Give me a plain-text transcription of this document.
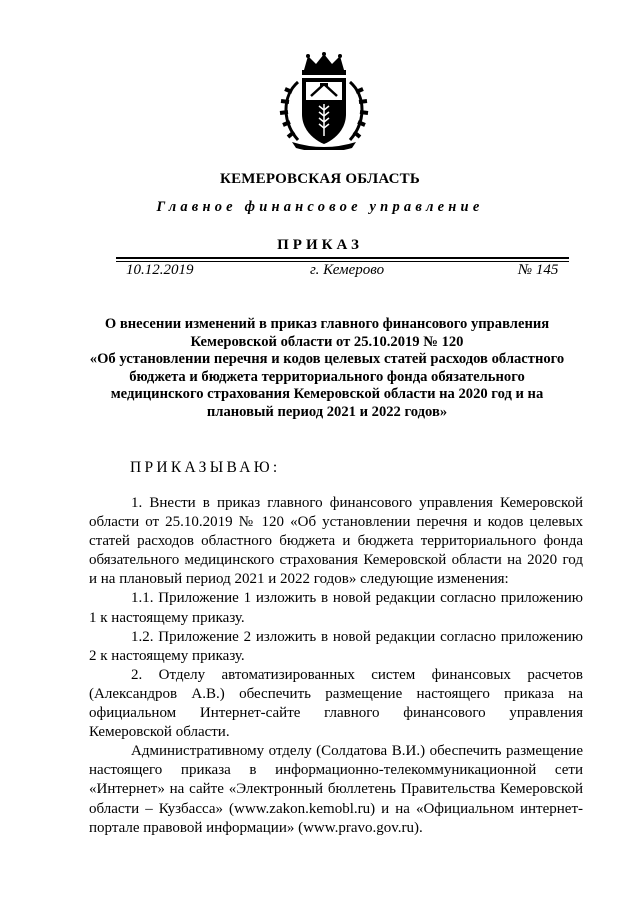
КЕМЕРОВСКАЯ ОБЛАСТЬ
Главное финансовое управление
ПРИКАЗ
10.12.2019	г. Кемерово	№ 145
О внесении изменений в приказ главного финансового управления
Кемеровской области от 25.10.2019 № 120
«Об установлении перечня и кодов целевых статей расходов областного
бюджета и бюджета территориального фонда обязательного
медицинского страхования Кемеровской области на 2020 год и на
плановый период 2021 и 2022 годов»
ПРИКАЗЫВАЮ:

1. Внести в приказ главного финансового управления Кемеровской области от 25.10.2019 № 120 «Об установлении перечня и кодов целевых статей расходов областного бюджета и бюджета территориального фонда обязательного медицинского страхования Кемеровской области на 2020 год и на плановый период 2021 и 2022 годов» следующие изменения:

1.1. Приложение 1 изложить в новой редакции согласно приложению 1 к настоящему приказу.

1.2. Приложение 2 изложить в новой редакции согласно приложению 2 к настоящему приказу.

2. Отделу автоматизированных систем финансовых расчетов (Александров А.В.) обеспечить размещение настоящего приказа на официальном Интернет-сайте главного финансового управления Кемеровской области.

Административному отделу (Солдатова В.И.) обеспечить размещение настоящего приказа в информационно-телекоммуникационной сети «Интернет» на сайте «Электронный бюллетень Правительства Кемеровской области – Кузбасса» (www.zakon.kemobl.ru) и на «Официальном интернет-портале правовой информации» (www.pravo.gov.ru).
